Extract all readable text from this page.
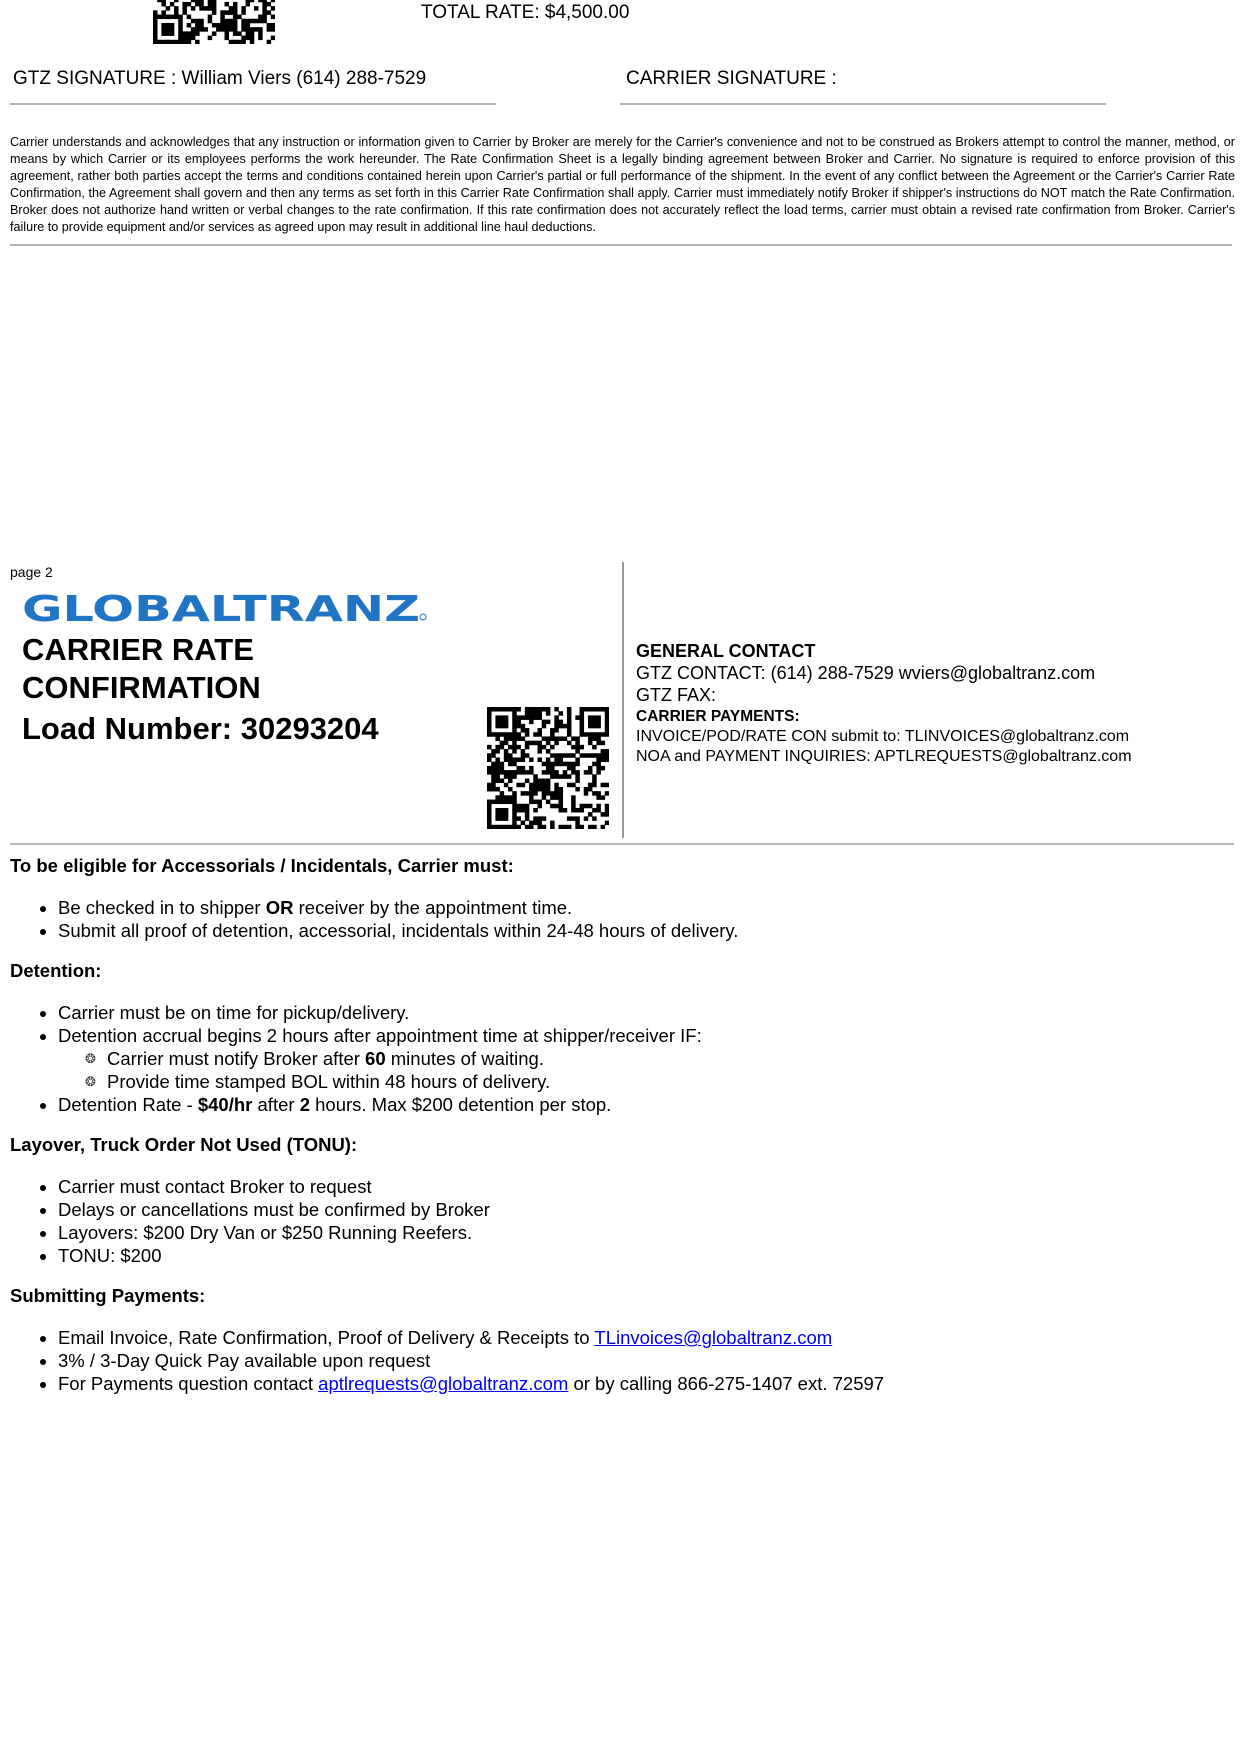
TOTAL RATE: $4,500.00
GTZ SIGNATURE : William Viers (614) 288-7529	CARRIER SIGNATURE :
Carrier understands and acknowledges that any instruction or information given to Carrier by Broker are merely for the Carrier's convenience and not to be construed as Brokers attempt to control the manner, method, or means by which Carrier or its employees performs the work hereunder. The Rate Confirmation Sheet is a legally binding agreement between Broker and Carrier. No signature is required to enforce provision of this agreement, rather both parties accept the terms and conditions contained herein upon Carrier's partial or full performance of the shipment. In the event of any conflict between the Agreement or the Carrier's Carrier Rate Confirmation, the Agreement shall govern and then any terms as set forth in this Carrier Rate Confirmation shall apply. Carrier must immediately notify Broker if shipper's instructions do NOT match the Rate Confirmation. Broker does not authorize hand written or verbal changes to the rate confirmation. If this rate confirmation does not accurately reflect the load terms, carrier must obtain a revised rate confirmation from Broker. Carrier's failure to provide equipment and/or services as agreed upon may result in additional line haul deductions.
page 2
GLOBALTRANZ
CARRIER RATE
CONFIRMATION
Load Number: 30293204
GENERAL CONTACT
GTZ CONTACT: (614) 288-7529 wviers@globaltranz.com
GTZ FAX:
CARRIER PAYMENTS:
INVOICE/POD/RATE CON submit to: TLINVOICES@globaltranz.com
NOA and PAYMENT INQUIRIES: APTLREQUESTS@globaltranz.com
To be eligible for Accessorials / Incidentals, Carrier must:
• Be checked in to shipper OR receiver by the appointment time.
• Submit all proof of detention, accessorial, incidentals within 24-48 hours of delivery.
Detention:
• Carrier must be on time for pickup/delivery.
• Detention accrual begins 2 hours after appointment time at shipper/receiver IF:
❂ Carrier must notify Broker after 60 minutes of waiting.
❂ Provide time stamped BOL within 48 hours of delivery.
• Detention Rate - $40/hr after 2 hours. Max $200 detention per stop.
Layover, Truck Order Not Used (TONU):
• Carrier must contact Broker to request
• Delays or cancellations must be confirmed by Broker
• Layovers: $200 Dry Van or $250 Running Reefers.
• TONU: $200
Submitting Payments:
• Email Invoice, Rate Confirmation, Proof of Delivery & Receipts to TLinvoices@globaltranz.com
• 3% / 3-Day Quick Pay available upon request
• For Payments question contact aptlrequests@globaltranz.com or by calling 866-275-1407 ext. 72597
